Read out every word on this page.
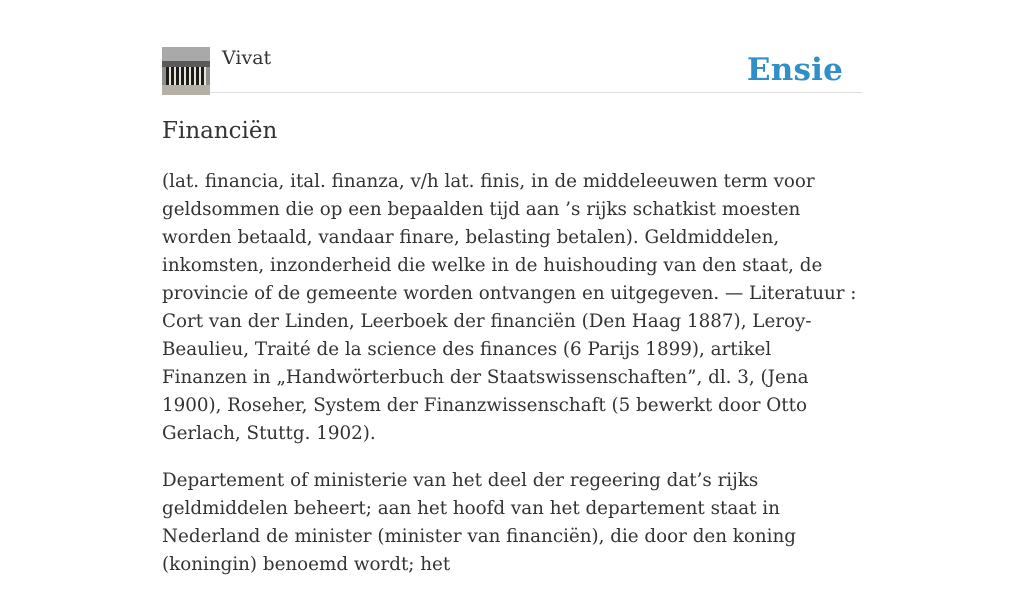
Vivat	Ensie
Financiën

(lat. financia, ital. finanza, v/h lat. finis, in de middeleeuwen term voor geldsommen die op een bepaalden tijd aan ’s rijks schatkist moesten worden betaald, vandaar finare, belasting betalen). Geldmiddelen, inkomsten, inzonderheid die welke in de huishouding van den staat, de provincie of de gemeente worden ontvangen en uitgegeven. — Literatuur : Cort van der Linden, Leerboek der financiën (Den Haag 1887), Leroy-Beaulieu, Traité de la science des finances (6 Parijs 1899), artikel Finanzen in „Handwörterbuch der Staatswissenschaften”, dl. 3, (Jena 1900), Roseher, System der Finanzwissenschaft (5 bewerkt door Otto Gerlach, Stuttg. 1902).

Departement of ministerie van het deel der regeering dat’s rijks geldmiddelen beheert; aan het hoofd van het departement staat in Nederland de minister (minister van financiën), die door den koning (koningin) benoemd wordt; het
